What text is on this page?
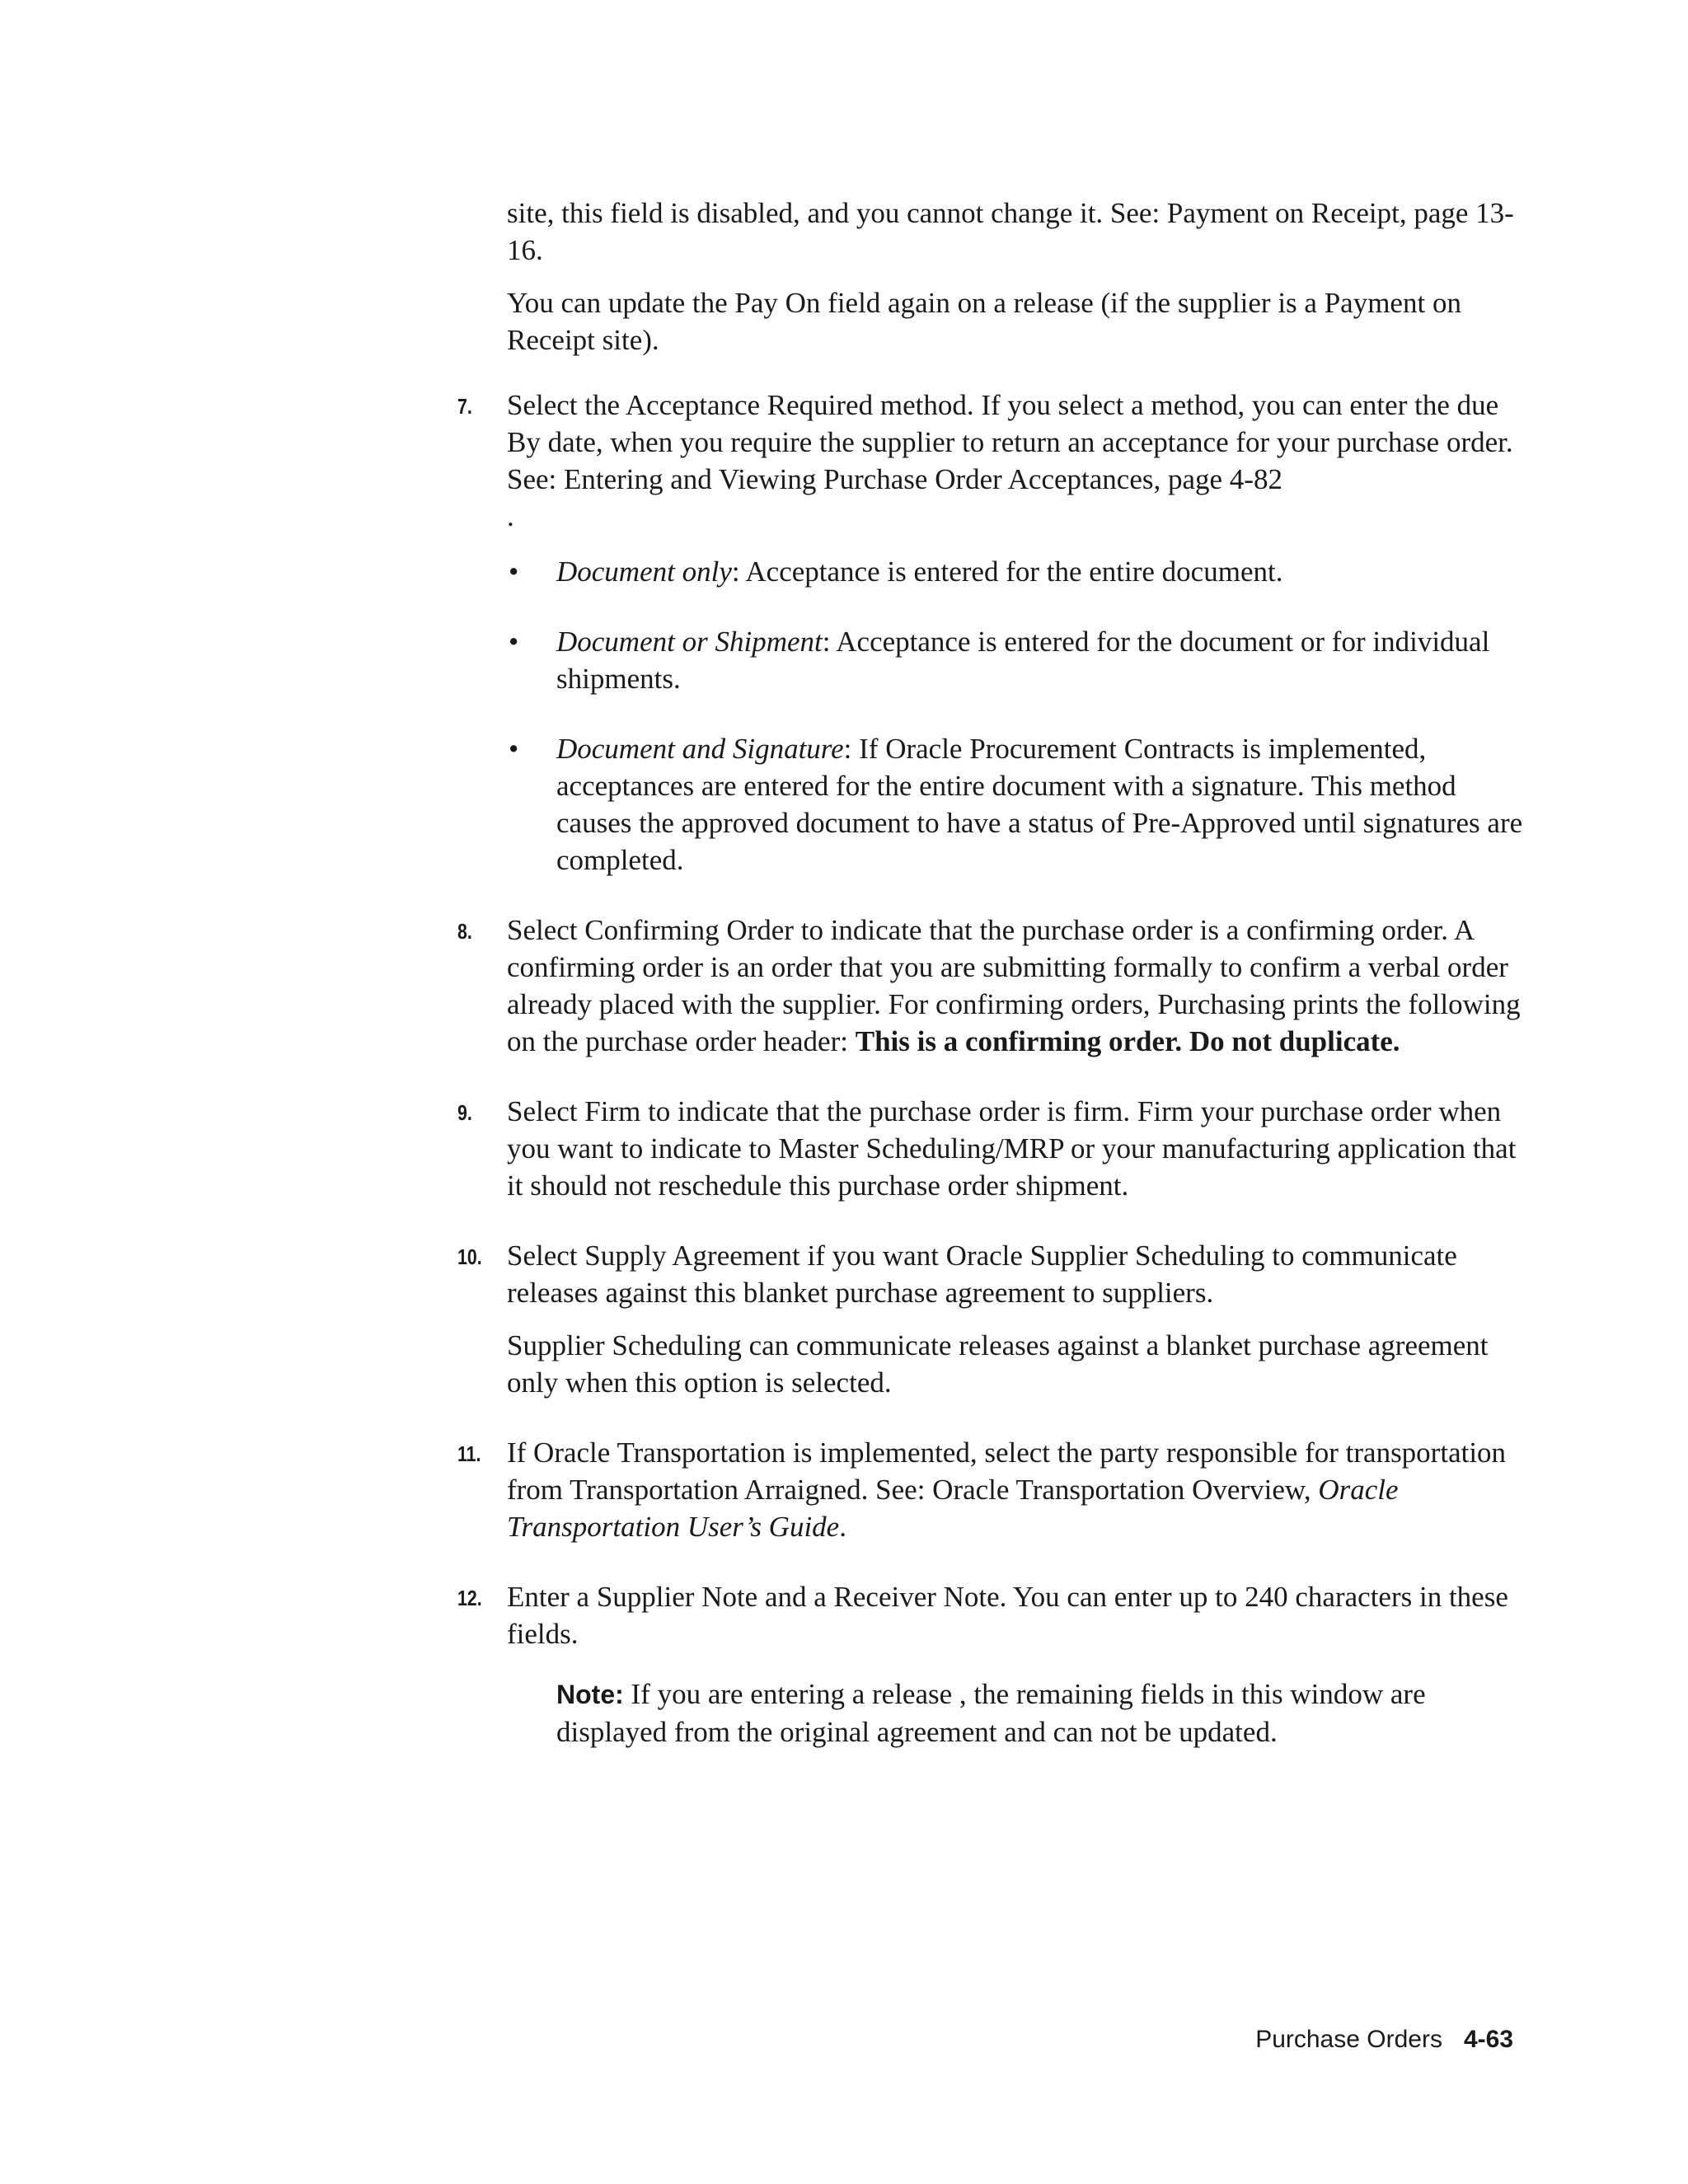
site, this field is disabled, and you cannot change it. See: Payment on Receipt, page 13-16.

You can update the Pay On field again on a release (if the supplier is a Payment on Receipt site).

7. Select the Acceptance Required method. If you select a method, you can enter the due By date, when you require the supplier to return an acceptance for your purchase order. See: Entering and Viewing Purchase Order Acceptances, page 4-82
.

• Document only: Acceptance is entered for the entire document.
• Document or Shipment: Acceptance is entered for the document or for individual shipments.
• Document and Signature: If Oracle Procurement Contracts is implemented, acceptances are entered for the entire document with a signature. This method causes the approved document to have a status of Pre-Approved until signatures are completed.
8. Select Confirming Order to indicate that the purchase order is a confirming order. A confirming order is an order that you are submitting formally to confirm a verbal order already placed with the supplier. For confirming orders, Purchasing prints the following on the purchase order header: This is a confirming order. Do not duplicate.

9. Select Firm to indicate that the purchase order is firm. Firm your purchase order when you want to indicate to Master Scheduling/MRP or your manufacturing application that it should not reschedule this purchase order shipment.

10. Select Supply Agreement if you want Oracle Supplier Scheduling to communicate releases against this blanket purchase agreement to suppliers.

Supplier Scheduling can communicate releases against a blanket purchase agreement only when this option is selected.

11. If Oracle Transportation is implemented, select the party responsible for transportation from Transportation Arraigned. See: Oracle Transportation Overview, Oracle Transportation User’s Guide.

12. Enter a Supplier Note and a Receiver Note. You can enter up to 240 characters in these fields.

Note: If you are entering a release , the remaining fields in this window are displayed from the original agreement and can not be updated.

Purchase Orders 4-63
